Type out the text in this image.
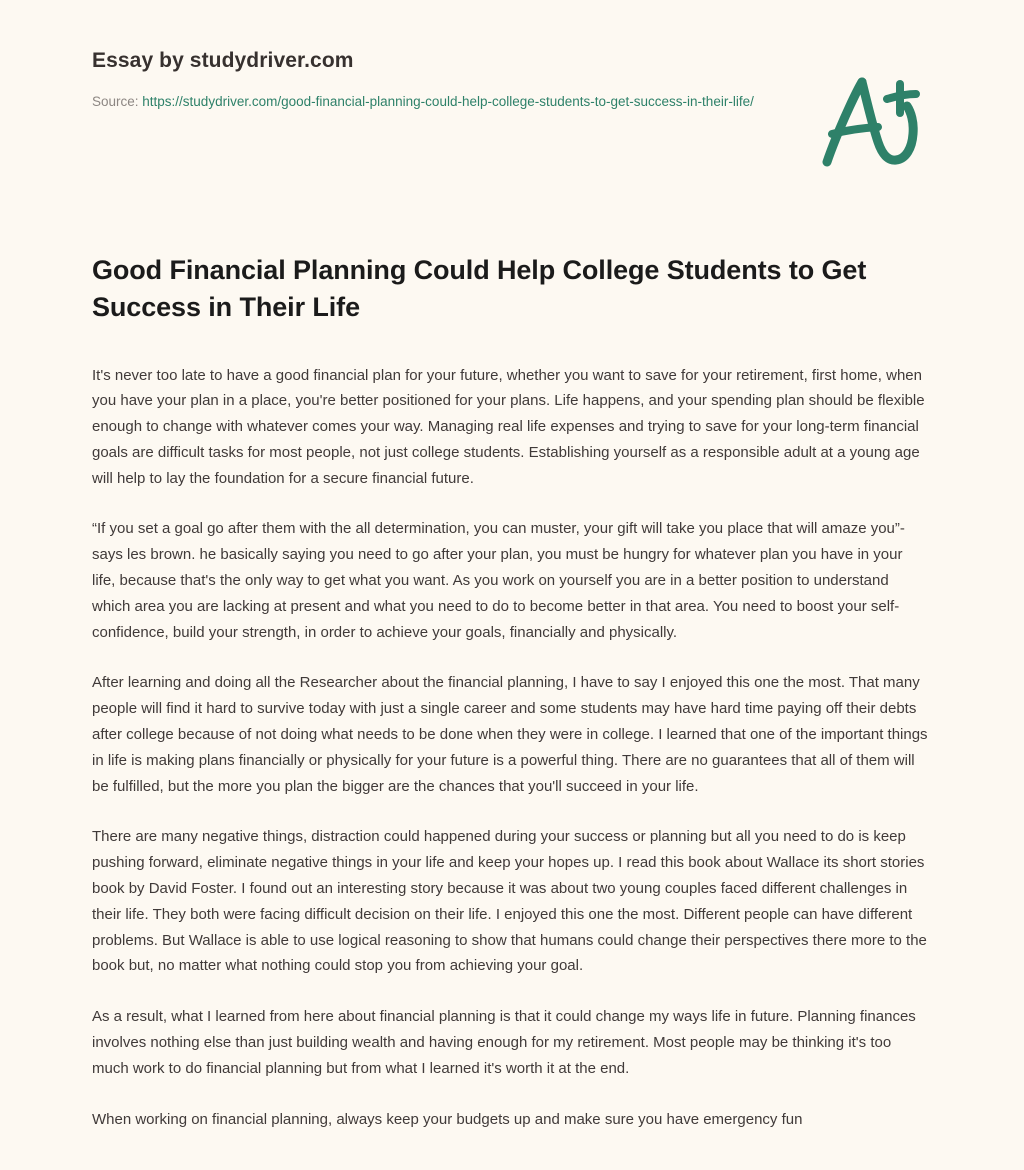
Essay by studydriver.com
Source: https://studydriver.com/good-financial-planning-could-help-college-students-to-get-success-in-their-life/
Good Financial Planning Could Help College Students to Get Success in Their Life

It's never too late to have a good financial plan for your future, whether you want to save for your retirement, first home, when you have your plan in a place, you're better positioned for your plans. Life happens, and your spending plan should be flexible enough to change with whatever comes your way. Managing real life expenses and trying to save for your long-term financial goals are difficult tasks for most people, not just college students. Establishing yourself as a responsible adult at a young age will help to lay the foundation for a secure financial future.

“If you set a goal go after them with the all determination, you can muster, your gift will take you place that will amaze you”- says les brown. he basically saying you need to go after your plan, you must be hungry for whatever plan you have in your life, because that's the only way to get what you want. As you work on yourself you are in a better position to understand which area you are lacking at present and what you need to do to become better in that area. You need to boost your self-confidence, build your strength, in order to achieve your goals, financially and physically.

After learning and doing all the Researcher about the financial planning, I have to say I enjoyed this one the most. That many people will find it hard to survive today with just a single career and some students may have hard time paying off their debts after college because of not doing what needs to be done when they were in college. I learned that one of the important things in life is making plans financially or physically for your future is a powerful thing. There are no guarantees that all of them will be fulfilled, but the more you plan the bigger are the chances that you'll succeed in your life.

There are many negative things, distraction could happened during your success or planning but all you need to do is keep pushing forward, eliminate negative things in your life and keep your hopes up. I read this book about Wallace its short stories book by David Foster. I found out an interesting story because it was about two young couples faced different challenges in their life. They both were facing difficult decision on their life. I enjoyed this one the most. Different people can have different problems. But Wallace is able to use logical reasoning to show that humans could change their perspectives there more to the book but, no matter what nothing could stop you from achieving your goal.

As a result, what I learned from here about financial planning is that it could change my ways life in future. Planning finances involves nothing else than just building wealth and having enough for my retirement. Most people may be thinking it's too much work to do financial planning but from what I learned it's worth it at the end.

When working on financial planning, always keep your budgets up and make sure you have emergency fun
